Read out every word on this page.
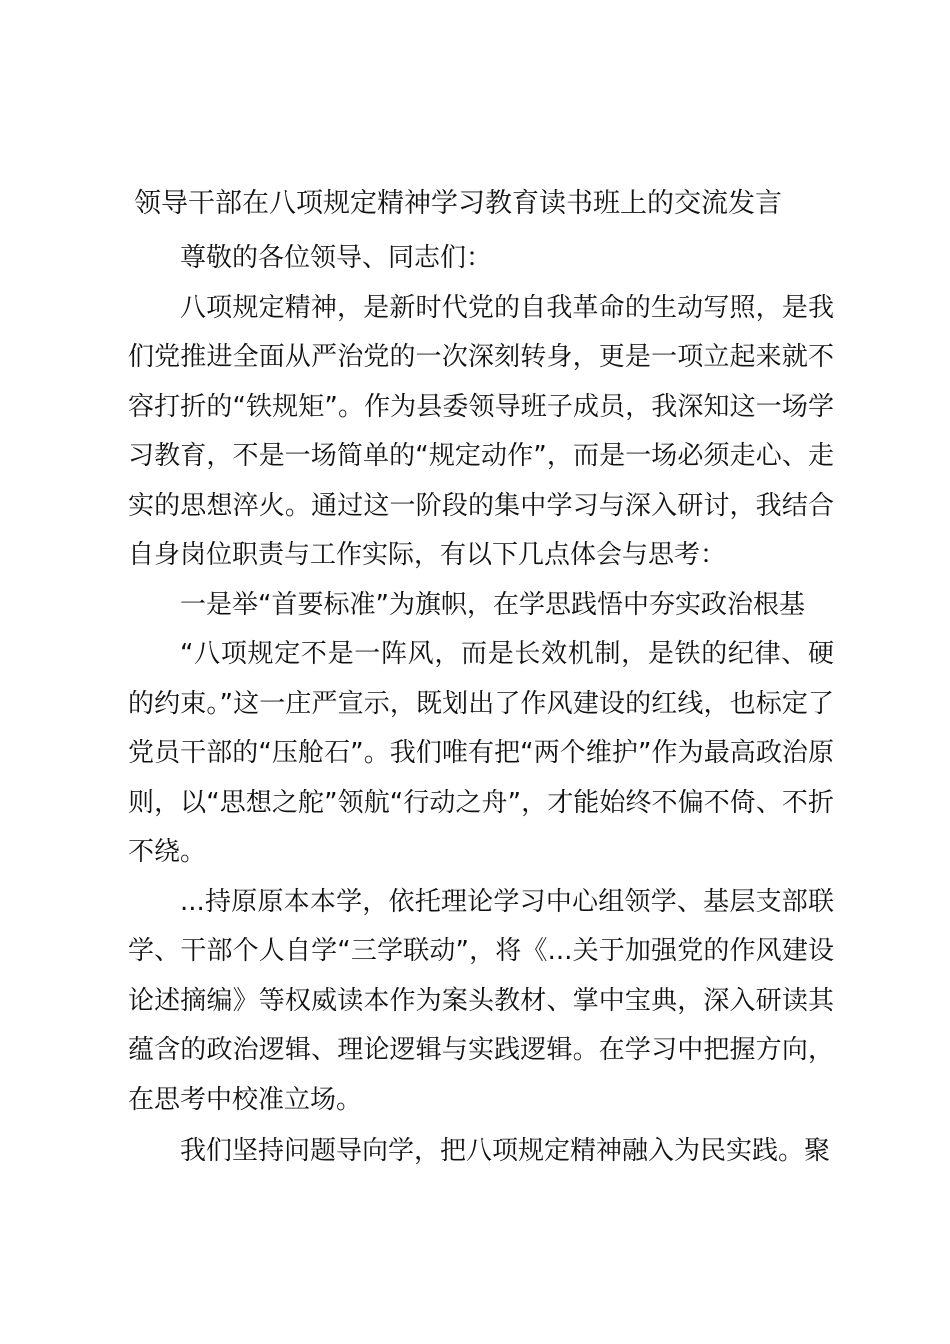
领导干部在八项规定精神学习教育读书班上的交流发言

尊敬的各位领导、同志们：

八项规定精神，是新时代党的自我革命的生动写照，是我们党推进全面从严治党的一次深刻转身，更是一项立起来就不容打折的“铁规矩”。作为县委领导班子成员，我深知这一场学习教育，不是一场简单的“规定动作”，而是一场必须走心、走实的思想淬火。通过这一阶段的集中学习与深入研讨，我结合自身岗位职责与工作实际，有以下几点体会与思考：

一是举“首要标准”为旗帜，在学思践悟中夯实政治根基

“八项规定不是一阵风，而是长效机制，是铁的纪律、硬的约束。”这一庄严宣示，既划出了作风建设的红线，也标定了党员干部的“压舱石”。我们唯有把“两个维护”作为最高政治原则，以“思想之舵”领航“行动之舟”，才能始终不偏不倚、不折不绕。

...持原原本本学，依托理论学习中心组领学、基层支部联学、干部个人自学“三学联动”，将《...关于加强党的作风建设论述摘编》等权威读本作为案头教材、掌中宝典，深入研读其蕴含的政治逻辑、理论逻辑与实践逻辑。在学习中把握方向，在思考中校准立场。

我们坚持问题导向学，把八项规定精神融入为民实践。聚
